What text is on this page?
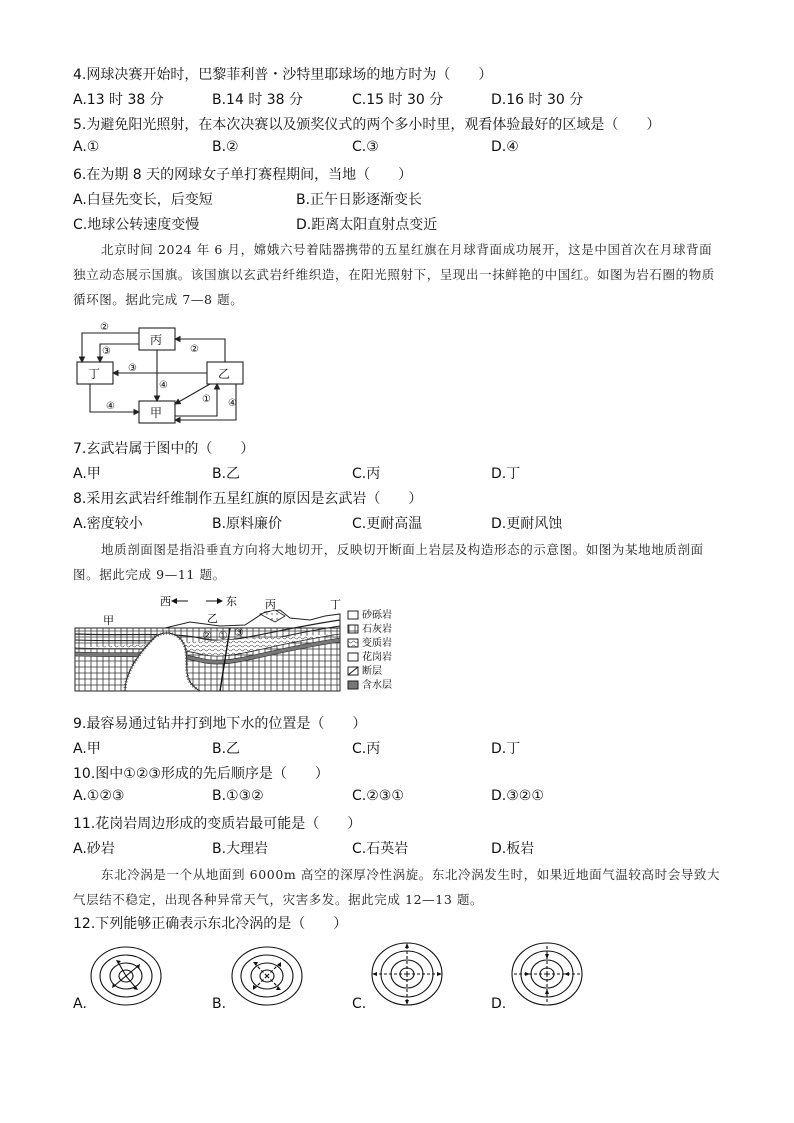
4.网球决赛开始时，巴黎菲利普・沙特里耶球场的地方时为（　　）
A.13 时 38 分	B.14 时 38 分	C.15 时 30 分	D.16 时 30 分
5.为避免阳光照射，在本次决赛以及颁奖仪式的两个多小时里，观看体验最好的区域是（　　）
A.①	B.②	C.③	D.④
6.在为期 8 天的网球女子单打赛程期间，当地（　　）
A.白昼先变长，后变短	B.正午日影逐渐变长
C.地球公转速度变慢	D.距离太阳直射点变近
北京时间 2024 年 6 月，嫦娥六号着陆器携带的五星红旗在月球背面成功展开，这是中国首次在月球背面独立动态展示国旗。该国旗以玄武岩纤维织造，在阳光照射下，呈现出一抹鲜艳的中国红。如图为岩石圈的物质循环图。据此完成 7—8 题。
丙
丁	乙
甲
②
③	②
③
④
④
① ④
7.玄武岩属于图中的（　　）
A.甲	B.乙	C.丙	D.丁
8.采用玄武岩纤维制作五星红旗的原因是玄武岩（　　）
A.密度较小	B.原料廉价	C.更耐高温	D.更耐风蚀
地质剖面图是指沿垂直方向将大地切开，反映切开断面上岩层及构造形态的示意图。如图为某地地质剖面图。据此完成 9—11 题。
西	东
甲	乙
丙	丁
② ① ③
砂砾岩
石灰岩
变质岩
花岗岩
断层
含水层
9.最容易通过钻井打到地下水的位置是（　　）
A.甲	B.乙	C.丙	D.丁
10.图中①②③形成的先后顺序是（　　）
A.①②③	B.①③②	C.②③①	D.③②①
11.花岗岩周边形成的变质岩最可能是（　　）
A.砂岩	B.大理岩	C.石英岩	D.板岩
东北冷涡是一个从地面到 6000m 高空的深厚冷性涡旋。东北冷涡发生时，如果近地面气温较高时会导致大气层结不稳定，出现各种异常天气，灾害多发。据此完成 12—13 题。
12.下列能够正确表示东北冷涡的是（　　）
A.	B.	C.	D.
